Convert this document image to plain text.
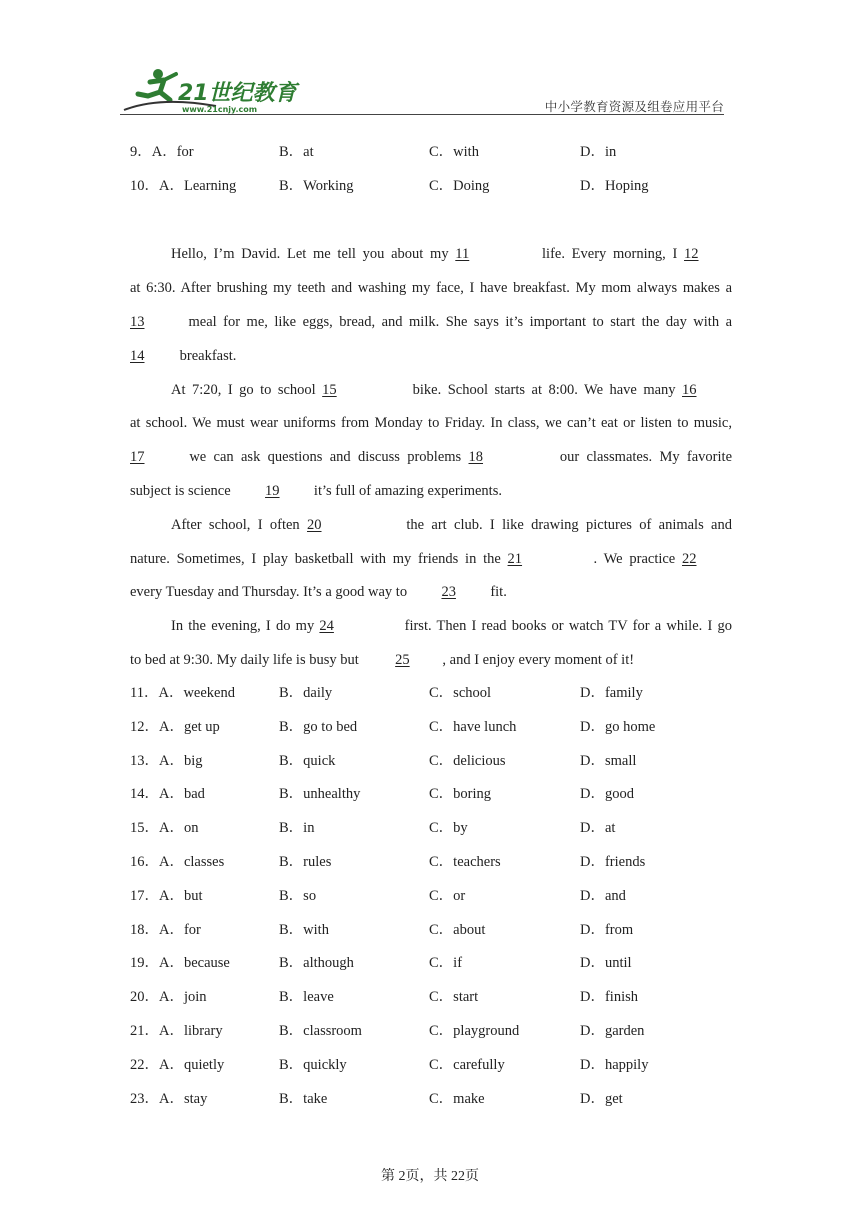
21世纪教育
www.21cnjy.com	中小学教育资源及组卷应用平台
9．A．for	B．at	C．with	D．in
10．A．Learning	B．Working	C．Doing	D．Hoping
Hello, I’m David. Let me tell you about my 11	life. Every morning, I 12
at 6:30. After brushing my teeth and washing my face, I have breakfast. My mom always makes a
13	meal for me, like eggs, bread, and milk. She says it’s important to start the day with a
14 breakfast.
At 7:20, I go to school 15	bike. School starts at 8:00. We have many 16
at school. We must wear uniforms from Monday to Friday. In class, we can’t eat or listen to music,
17	we can ask questions and discuss problems 18	our classmates. My favorite
subject is science 19 it’s full of amazing experiments.
After school, I often 20	the art club. I like drawing pictures of animals and
nature. Sometimes, I play basketball with my friends in the 21	. We practice 22
every Tuesday and Thursday. It’s a good way to 23 fit.
In the evening, I do my 24	first. Then I read books or watch TV for a while. I go
to bed at 9:30. My daily life is busy but	25 , and I enjoy every moment of it!
11．A．weekend	B．daily	C．school	D．family
12．A．get up	B．go to bed	C．have lunch	D．go home
13．A．big	B．quick	C．delicious	D．small
14．A．bad	B．unhealthy	C．boring	D．good
15．A．on	B．in	C．by	D．at
16．A．classes	B．rules	C．teachers	D．friends
17．A．but	B．so	C．or	D．and
18．A．for	B．with	C．about	D．from
19．A．because	B．although	C．if	D．until
20．A．join	B．leave	C．start	D．finish
21．A．library	B．classroom	C．playground	D．garden
22．A．quietly	B．quickly	C．carefully	D．happily
23．A．stay	B．take	C．make	D．get
第 2页，共 22页
